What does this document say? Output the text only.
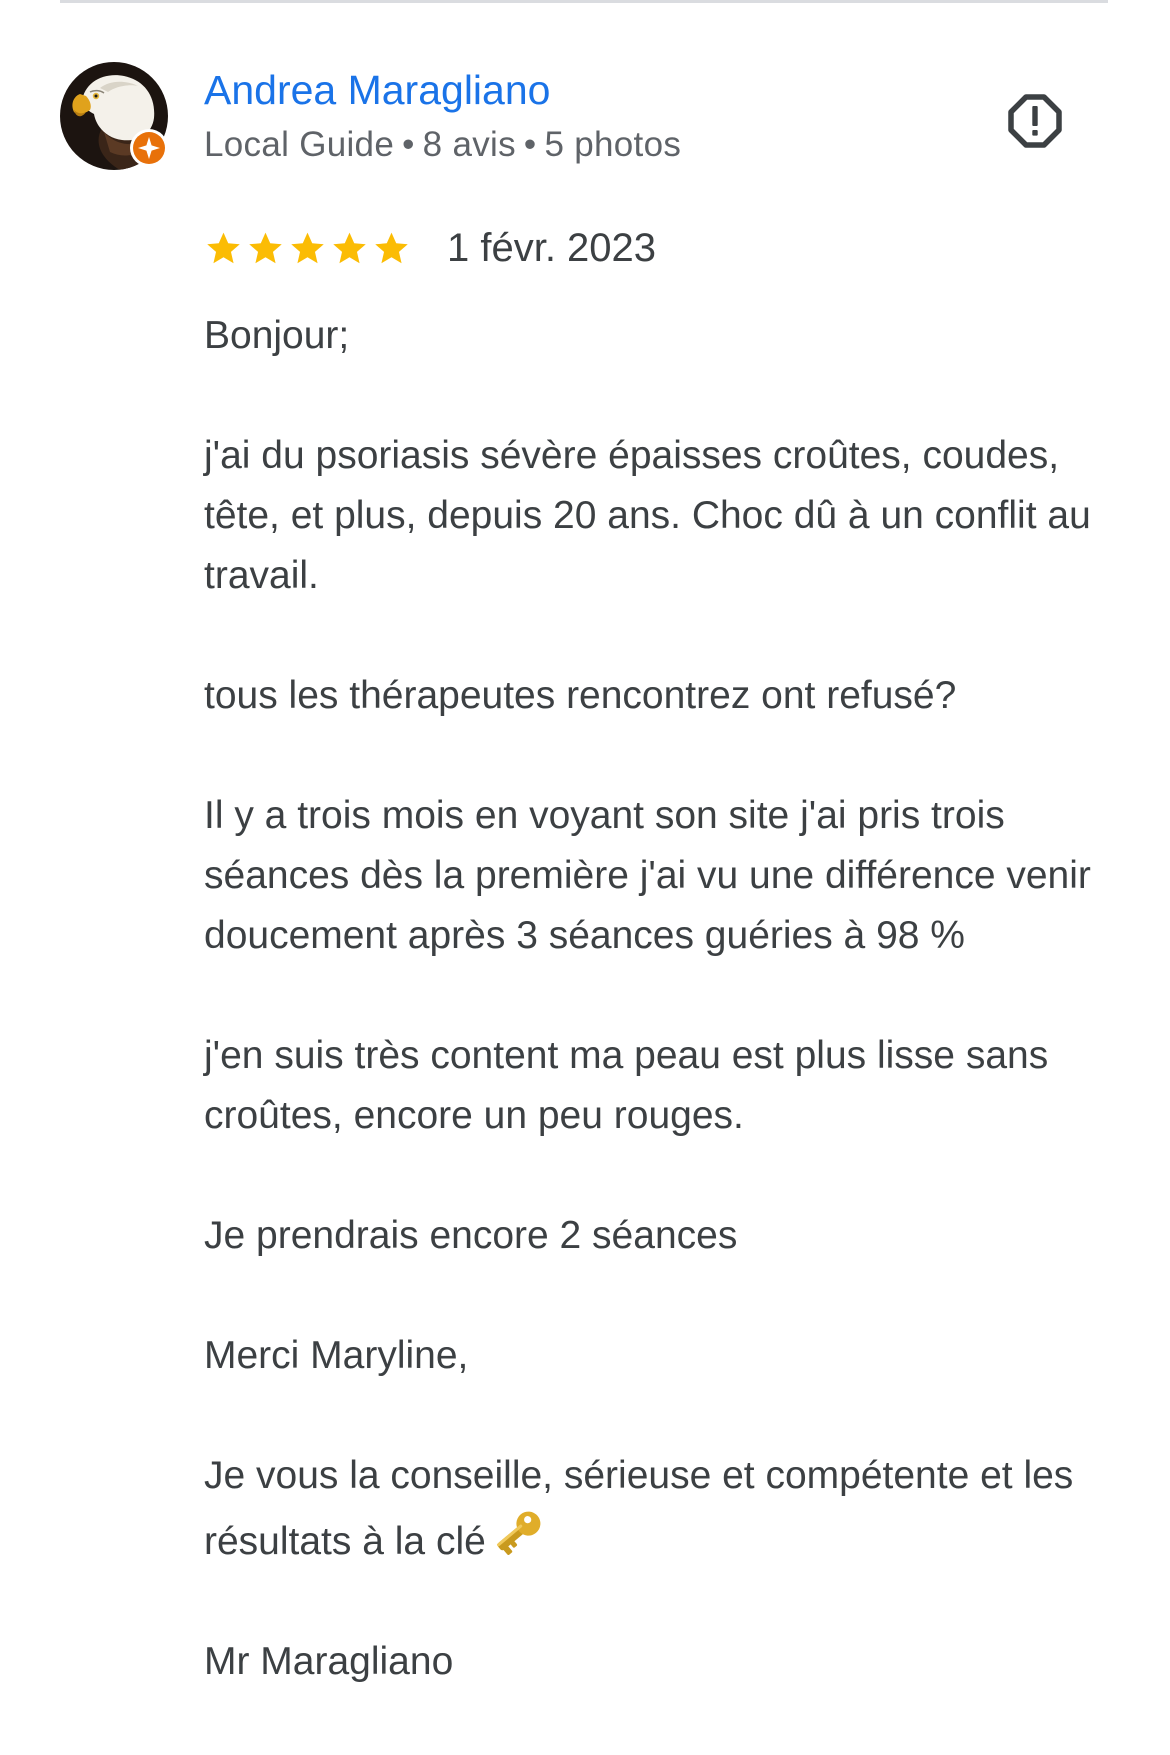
Andrea Maragliano
Local Guide • 8 avis • 5 photos
1 févr. 2023

Bonjour;

j'ai du psoriasis sévère épaisses croûtes, coudes, tête, et plus, depuis 20 ans. Choc dû à un conflit au travail.

tous les thérapeutes rencontrez ont refusé?

Il y a trois mois en voyant son site j'ai pris trois séances dès la première j'ai vu une différence venir doucement après 3 séances guéries à 98 %

j'en suis très content ma peau est plus lisse sans croûtes, encore un peu rouges.

Je prendrais encore 2 séances

Merci Maryline,

Je vous la conseille, sérieuse et compétente et les résultats à la clé

Mr Maragliano
